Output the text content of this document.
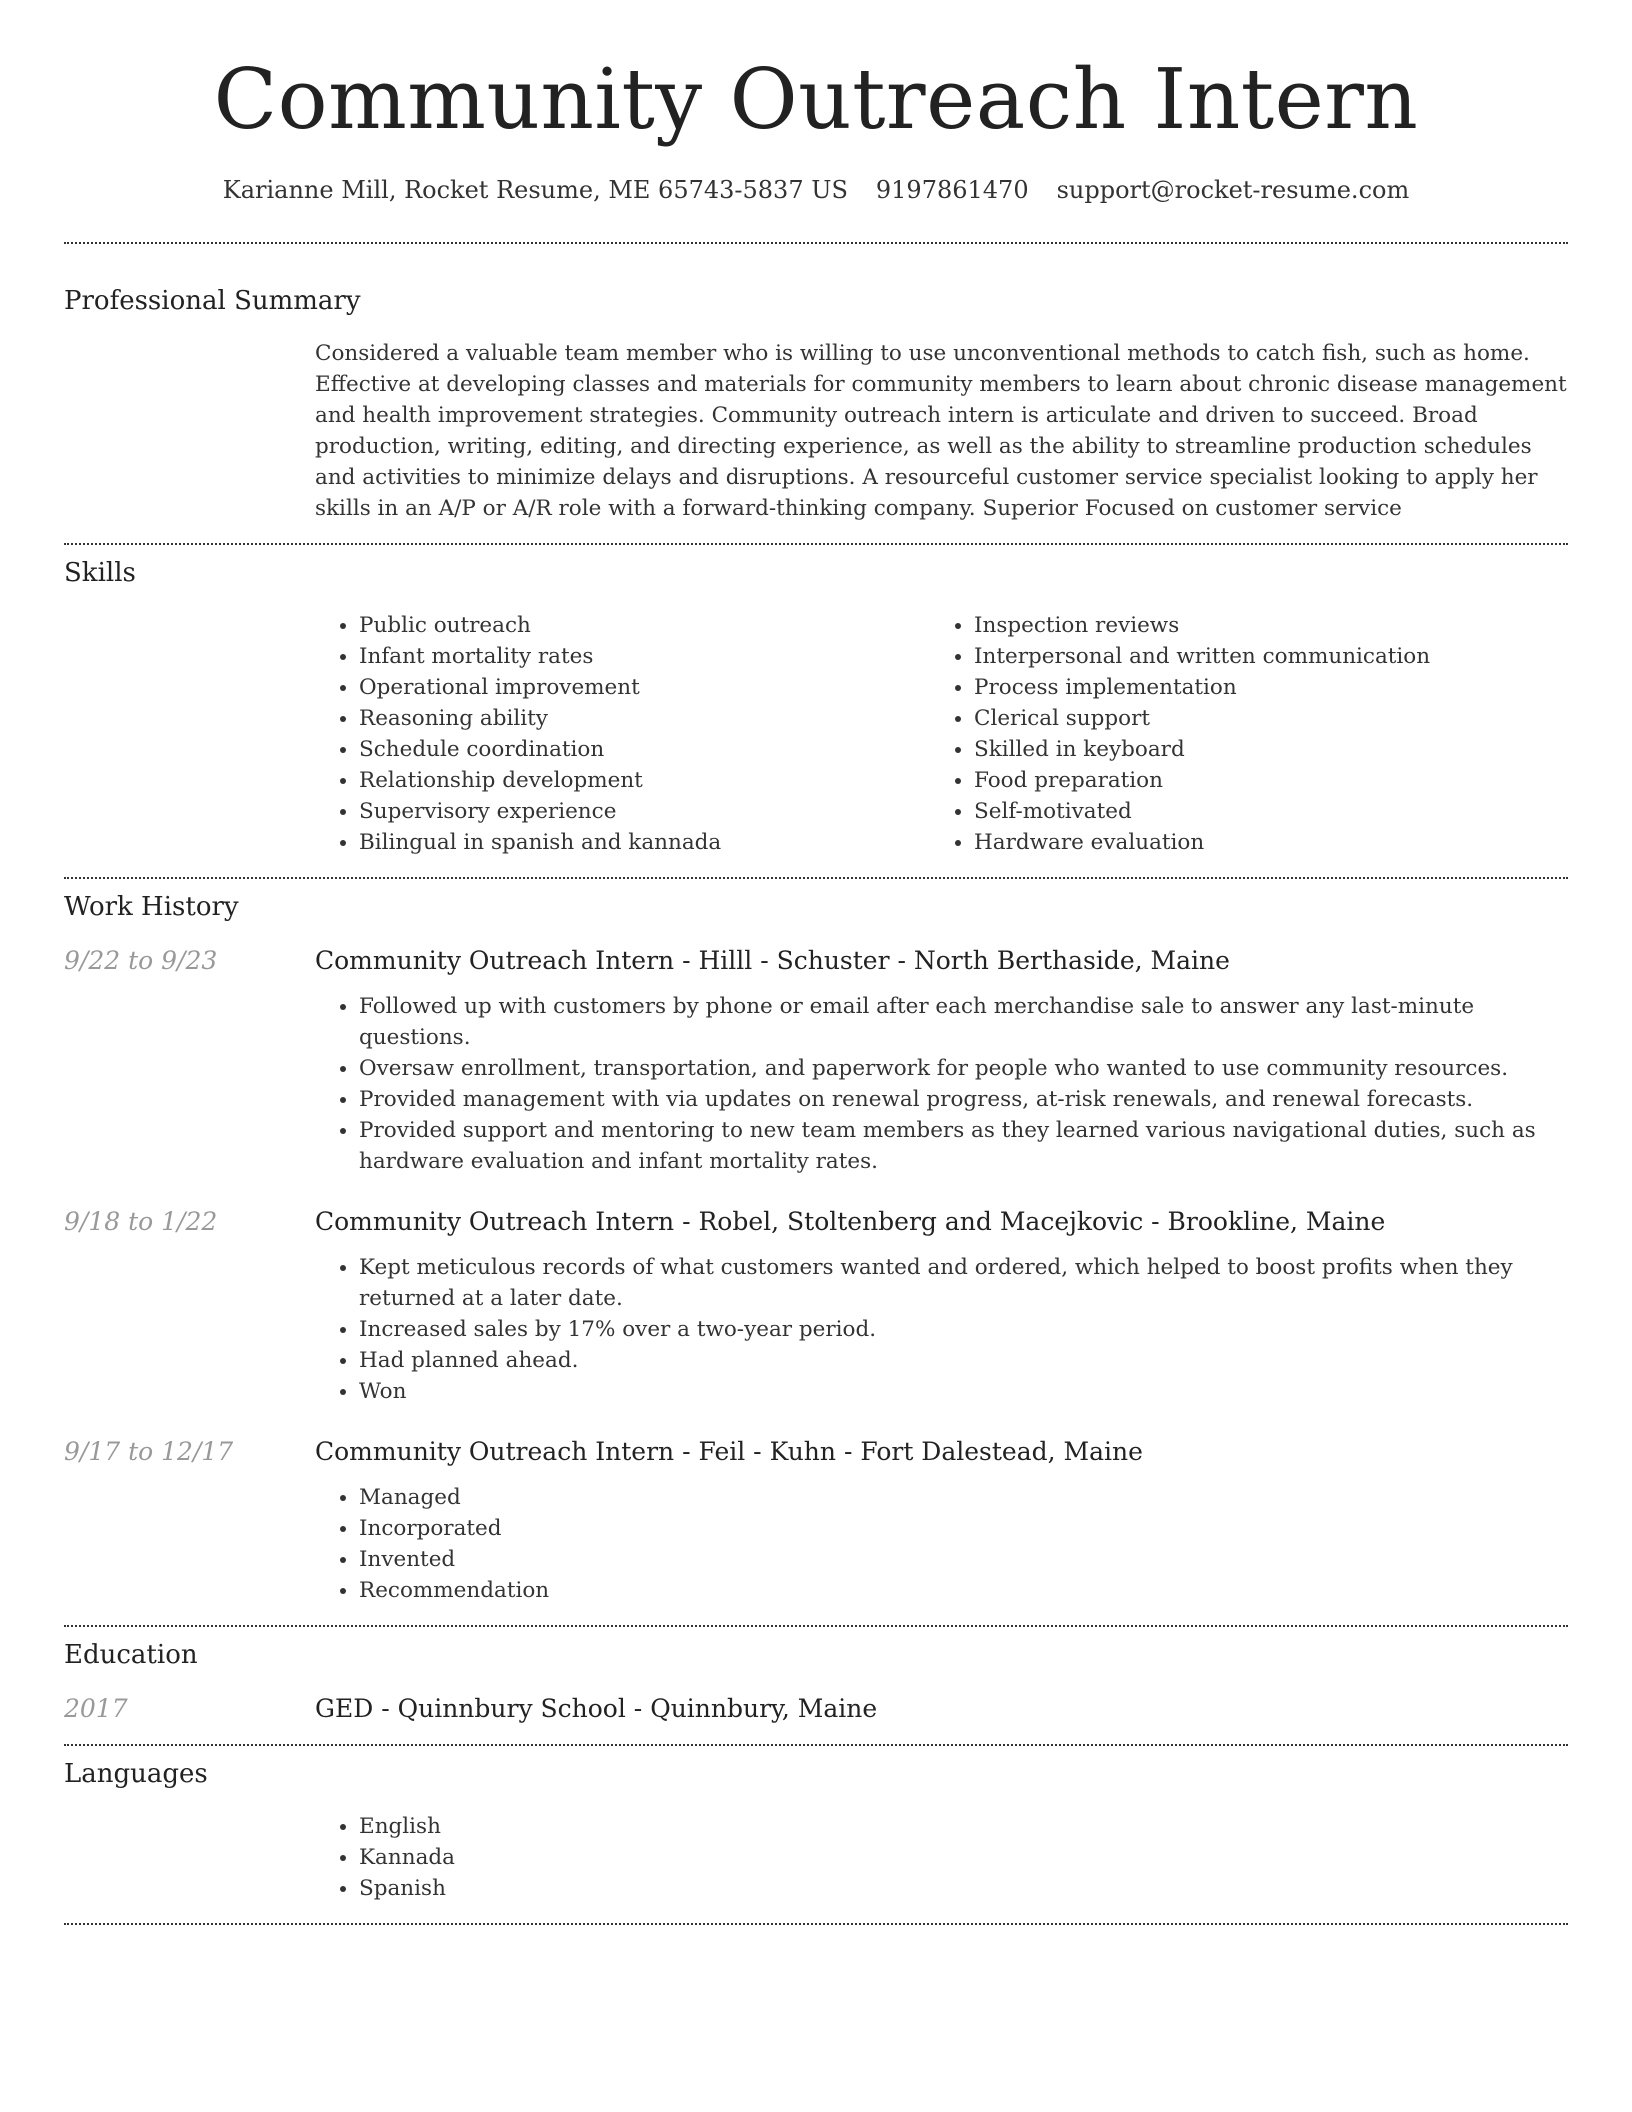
Community Outreach Intern
Karianne Mill, Rocket Resume, ME 65743-5837 US 9197861470 support@rocket-resume.com
Professional Summary
Considered a valuable team member who is willing to use unconventional methods to catch fish, such as home. Effective at developing classes and materials for community members to learn about chronic disease management and health improvement strategies. Community outreach intern is articulate and driven to succeed. Broad production, writing, editing, and directing experience, as well as the ability to streamline production schedules and activities to minimize delays and disruptions. A resourceful customer service specialist looking to apply her skills in an A/P or A/R role with a forward-thinking company. Superior Focused on customer service
Skills
• Public outreach
• Infant mortality rates
• Operational improvement
• Reasoning ability
• Schedule coordination
• Relationship development
• Supervisory experience
• Bilingual in spanish and kannada
• Inspection reviews
• Interpersonal and written communication
• Process implementation
• Clerical support
• Skilled in keyboard
• Food preparation
• Self-motivated
• Hardware evaluation
Work History
9/22 to 9/23	Community Outreach Intern - Hilll - Schuster - North Berthaside, Maine
• Followed up with customers by phone or email after each merchandise sale to answer any last-minute questions.
• Oversaw enrollment, transportation, and paperwork for people who wanted to use community resources.
• Provided management with via updates on renewal progress, at-risk renewals, and renewal forecasts.
• Provided support and mentoring to new team members as they learned various navigational duties, such as hardware evaluation and infant mortality rates.
9/18 to 1/22	Community Outreach Intern - Robel, Stoltenberg and Macejkovic - Brookline, Maine
• Kept meticulous records of what customers wanted and ordered, which helped to boost profits when they returned at a later date.
• Increased sales by 17% over a two-year period.
• Had planned ahead.
• Won
9/17 to 12/17	Community Outreach Intern - Feil - Kuhn - Fort Dalestead, Maine
• Managed
• Incorporated
• Invented
• Recommendation
Education
2017	GED - Quinnbury School - Quinnbury, Maine
Languages
• English
• Kannada
• Spanish
